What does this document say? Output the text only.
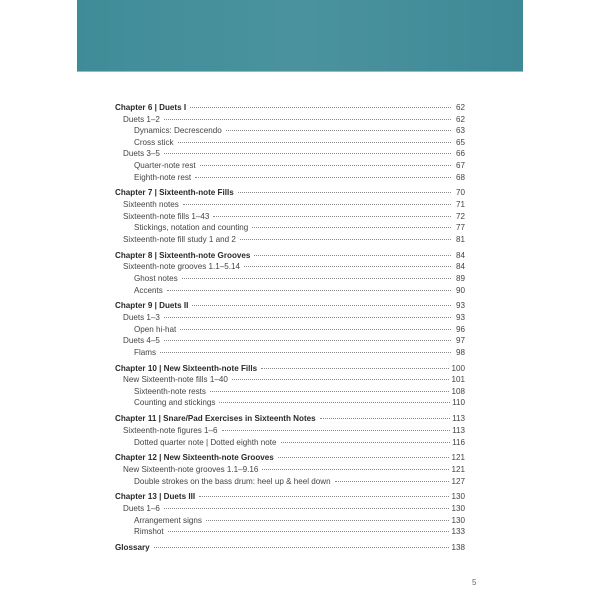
Chapter 6 | Duets I	62
Duets 1–2	62
Dynamics: Decrescendo	63
Cross stick	65
Duets 3–5	66
Quarter-note rest	67
Eighth-note rest	68
Chapter 7 | Sixteenth-note Fills	70
Sixteenth notes	71
Sixteenth-note fills 1–43	72
Stickings, notation and counting	77
Sixteenth-note fill study 1 and 2	81
Chapter 8 | Sixteenth-note Grooves	84
Sixteenth-note grooves 1.1–5.14	84
Ghost notes	89
Accents	90
Chapter 9 | Duets II	93
Duets 1–3	93
Open hi-hat	96
Duets 4–5	97
Flams	98
Chapter 10 | New Sixteenth-note Fills	100
New Sixteenth-note fills 1–40	101
Sixteenth-note rests	108
Counting and stickings	110
Chapter 11 | Snare/Pad Exercises in Sixteenth Notes	113
Sixteenth-note figures 1–6	113
Dotted quarter note | Dotted eighth note	116
Chapter 12 | New Sixteenth-note Grooves	121
New Sixteenth-note grooves 1.1–9.16	121
Double strokes on the bass drum: heel up & heel down	127
Chapter 13 | Duets III	130
Duets 1–6	130
Arrangement signs	130
Rimshot	133
Glossary	138
5
